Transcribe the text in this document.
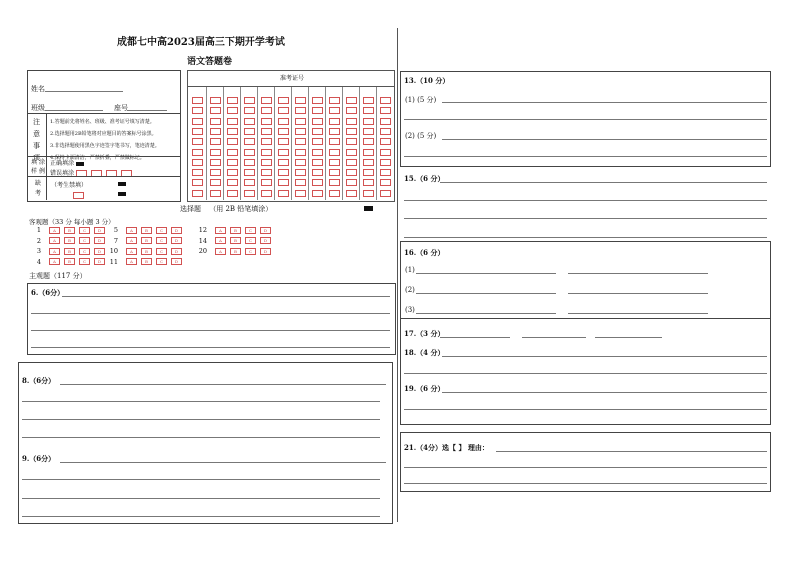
成都七中高2023届高三下期开学考试
语文答题卷
姓名
班级	座号
注
意
事
项
1.答题前先将姓名、班级、准考证号填写清楚。
2.选择题用2B铅笔将对应题目的答案标号涂黑。
3.非选择题使用黑色字迹签字笔书写，笔迹清楚。
4.保持卡面清洁，严禁折叠，严禁做标记。
填 涂
样 例
正确填涂
错误填涂
缺
考
（考生禁填）
准考证号
选择题 （用 2B 铅笔填涂）
客观题（33 分 每小题 3 分）
1	A	B	C	D
2	A	B	C	D
3	A	B	C	D
4	A	B	C	D
5	A	B	C	D
7	A	B	C	D
10	A	B	C	D
11	A	B	C	D
12	A	B	C	D
14	A	B	C	D
20	A	B	C	D
主观题（117 分）
6.（6分）
8.（6分）
9.（6分）
13.（10 分）
(1) (5 分)
(2) (5 分)
15.（6 分）
16.（6 分）
(1)
(2)
(3)
17.（3 分）
18.（4 分）
19.（6 分）
21.（4分）选【 】 理由：
